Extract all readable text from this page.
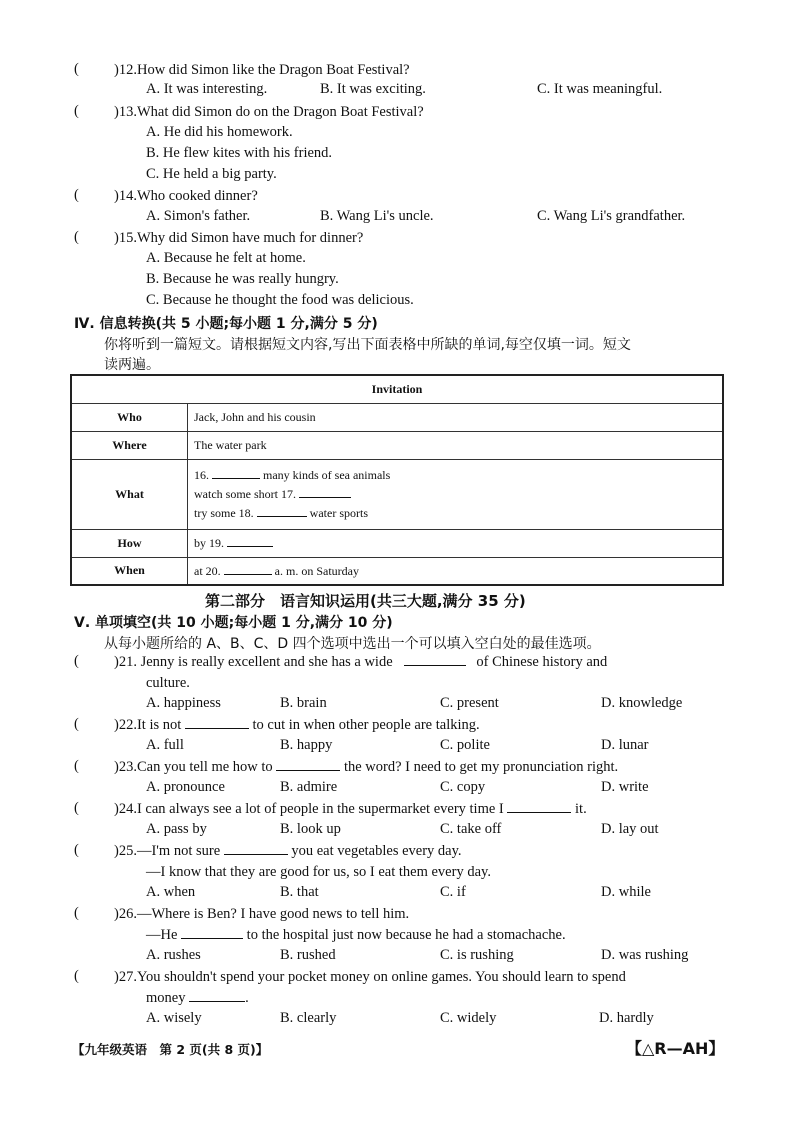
( )12.How did Simon like the Dragon Boat Festival?
A. It was interesting.	B. It was exciting.	C. It was meaningful.
( )13.What did Simon do on the Dragon Boat Festival?
A. He did his homework.
B. He flew kites with his friend.
C. He held a big party.
( )14.Who cooked dinner?
A. Simon's father.	B. Wang Li's uncle.	C. Wang Li's grandfather.
( )15.Why did Simon have much for dinner?
A. Because he felt at home.
B. Because he was really hungry.
C. Because he thought the food was delicious.
Ⅳ. 信息转换(共 5 小题;每小题 1 分,满分 5 分)
你将听到一篇短文。请根据短文内容,写出下面表格中所缺的单词,每空仅填一词。短文
读两遍。
Invitation	
Who	Jack, John and his cousin
Where	The water park
What	16. many kinds of sea animals
watch some short 17.
try some 18. water sports

How	by 19.
When	at 20. a. m. on Saturday
第二部分　语言知识运用(共三大题,满分 35 分)
Ⅴ. 单项填空(共 10 小题;每小题 1 分,满分 10 分)
从每小题所给的 A、B、C、D 四个选项中选出一个可以填入空白处的最佳选项。
( )21. Jenny is really excellent and she has a wide	of Chinese history and
culture.
A. happiness	B. brain	C. present	D. knowledge
( )22.It is not	to cut in when other people are talking.
A. full	B. happy	C. polite	D. lunar
( )23.Can you tell me how to	the word? I need to get my pronunciation right.
A. pronounce	B. admire	C. copy	D. write
( )24.I can always see a lot of people in the supermarket every time I	it.
A. pass by	B. look up	C. take off	D. lay out
( )25.—I'm not sure	you eat vegetables every day.
—I know that they are good for us, so I eat them every day.
A. when	B. that	C. if	D. while
( )26.—Where is Ben? I have good news to tell him.
—He	to the hospital just now because he had a stomachache.
A. rushes	B. rushed	C. is rushing	D. was rushing
( )27.You shouldn't spend your pocket money on online games. You should learn to spend
money	.
A. wisely	B. clearly	C. widely	D. hardly
【九年级英语　第 2 页(共 8 页)】	【△R—AH】
